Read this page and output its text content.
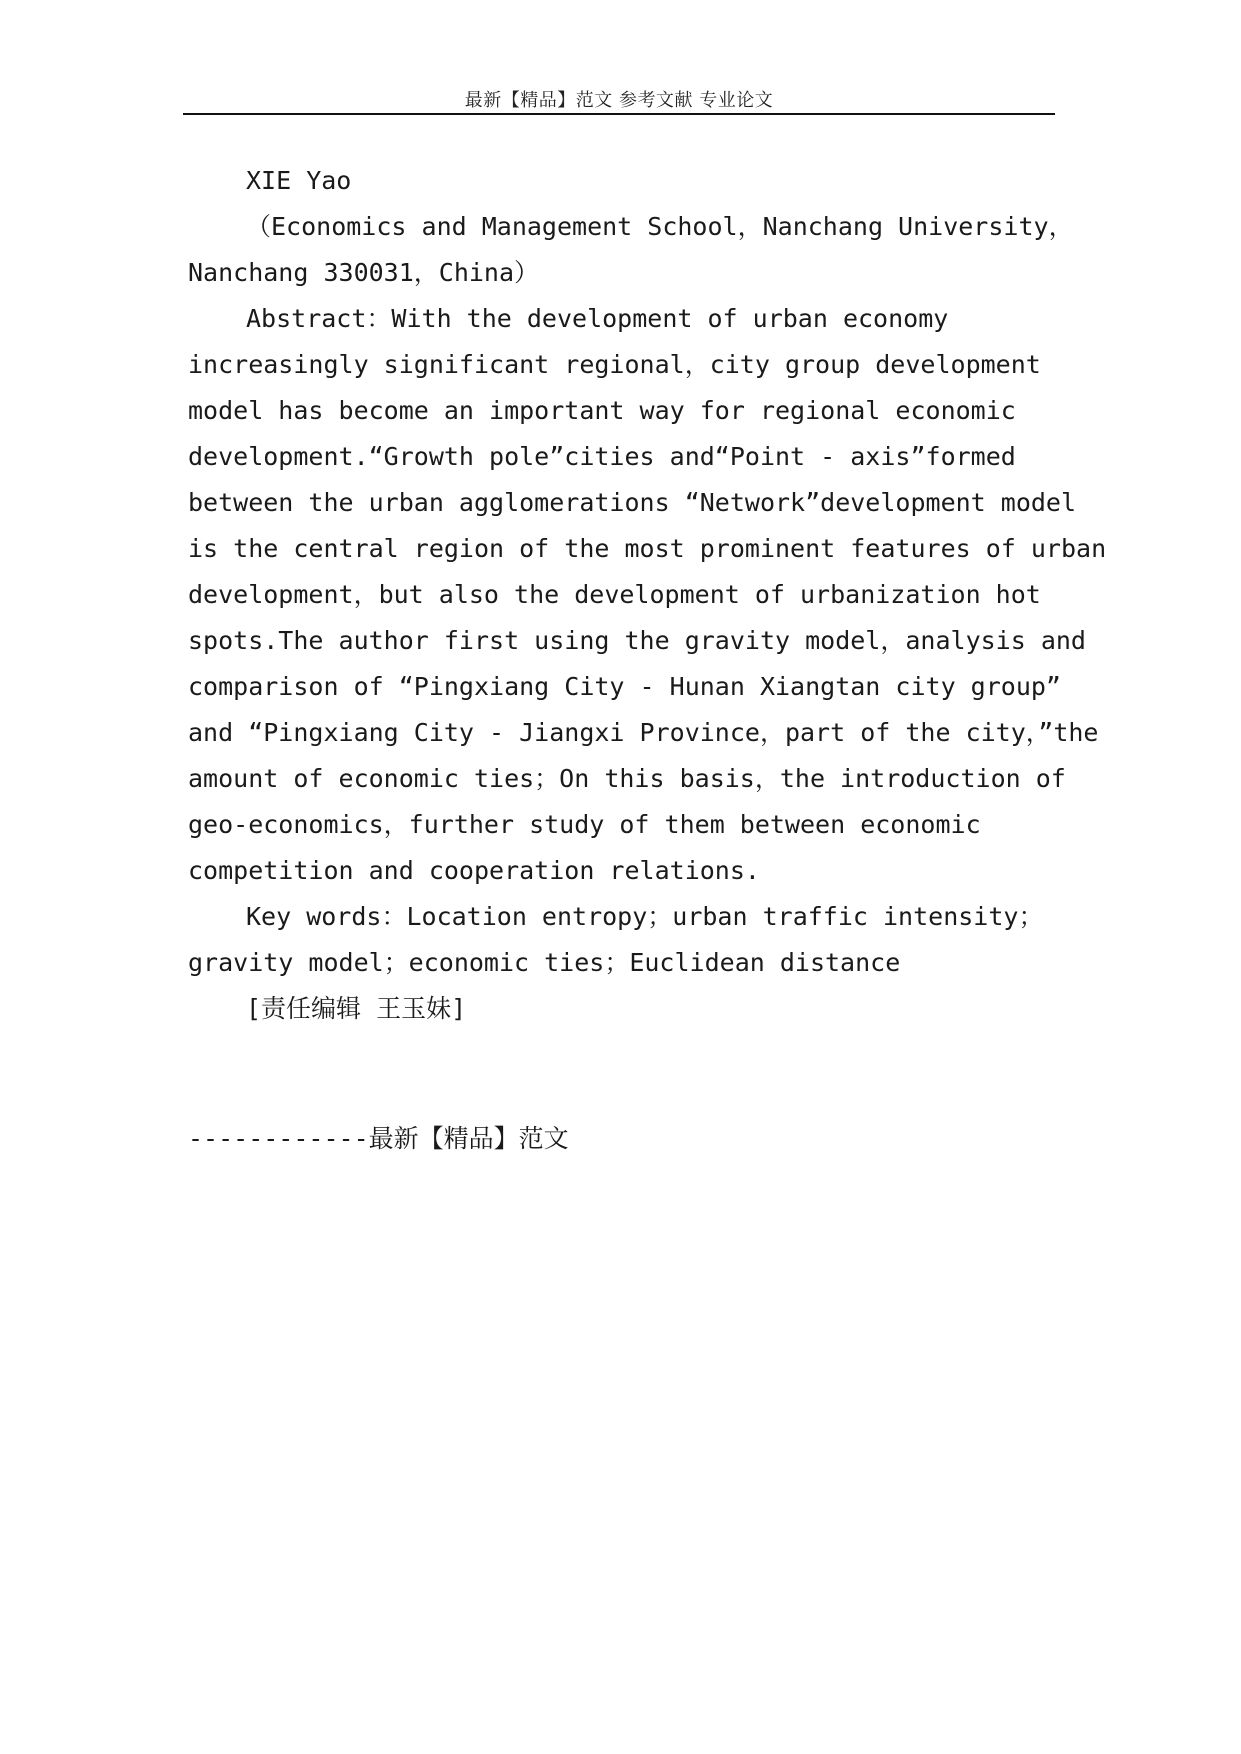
最新【精品】范文 参考文献 专业论文
XIE Yao
（Economics and Management School，Nanchang University，
Nanchang 330031，China）
Abstract：With the development of urban economy
increasingly significant regional，city group development
model has become an important way for regional economic
development.“Growth pole”cities and“Point - axis”formed
between the urban agglomerations “Network”development model
is the central region of the most prominent features of urban
development，but also the development of urbanization hot
spots.The author first using the gravity model，analysis and
comparison of “Pingxiang City - Hunan Xiangtan city group”
and “Pingxiang City - Jiangxi Province，part of the city，”the
amount of economic ties；On this basis，the introduction of
geo-economics，further study of them between economic
competition and cooperation relations.
Key words：Location entropy；urban traffic intensity；
gravity model；economic ties；Euclidean distance
[责任编辑 王玉妹]
------------最新【精品】范文
